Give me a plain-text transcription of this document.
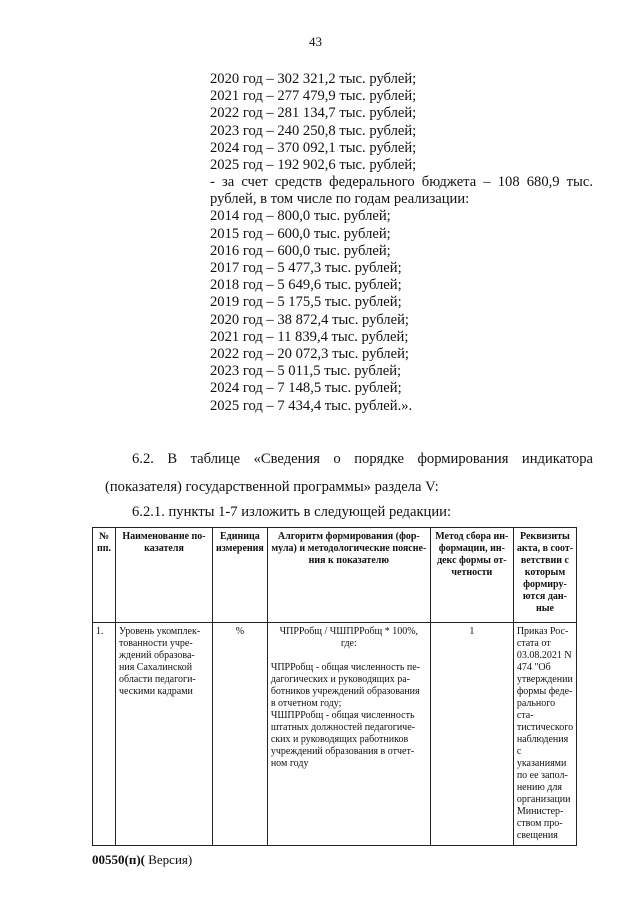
43
2020 год – 302 321,2 тыс. рублей;
2021 год – 277 479,9 тыс. рублей;
2022 год – 281 134,7 тыс. рублей;
2023 год – 240 250,8 тыс. рублей;
2024 год – 370 092,1 тыс. рублей;
2025 год – 192 902,6 тыс. рублей;
- за счет средств федерального бюджета – 108 680,9 тыс.
рублей, в том числе по годам реализации:
2014 год – 800,0 тыс. рублей;
2015 год – 600,0 тыс. рублей;
2016 год – 600,0 тыс. рублей;
2017 год – 5 477,3 тыс. рублей;
2018 год – 5 649,6 тыс. рублей;
2019 год – 5 175,5 тыс. рублей;
2020 год – 38 872,4 тыс. рублей;
2021 год – 11 839,4 тыс. рублей;
2022 год – 20 072,3 тыс. рублей;
2023 год – 5 011,5 тыс. рублей;
2024 год – 7 148,5 тыс. рублей;
2025 год – 7 434,4 тыс. рублей.».
6.2. В таблице «Сведения о порядке формирования индикатора
(показателя) государственной программы» раздела V:
6.2.1. пункты 1-7 изложить в следующей редакции:
№ пп.	Наименование по-казателя	Единица измерения	Алгоритм формирования (фор-мула) и методологические поясне-ния к показателю	Метод сбора ин-формации, ин-декс формы от-четности	Реквизиты акта, в соот-ветствии с которым формиру-ются дан-ные
1.	Уровень укомплек-тованности учре-ждений образова-ния Сахалинской области педагоги-ческими кадрами	%	ЧПРРобщ / ЧШПРРобщ * 100%,
где:
ЧПРРобщ - общая численность пе-дагогических и руководящих ра-ботников учреждений образования в отчетном году;
ЧШПРРобщ - общая численность штатных должностей педагогиче-ских и руководящих работников учреждений образования в отчет-ном году	1	Приказ Рос-стата от 03.08.2021 N 474 "Об утверждении формы феде-рального ста-тистического наблюдения с указаниями по ее запол-нению для организации Министер-ством про-свещения
00550(п)( Версия)
